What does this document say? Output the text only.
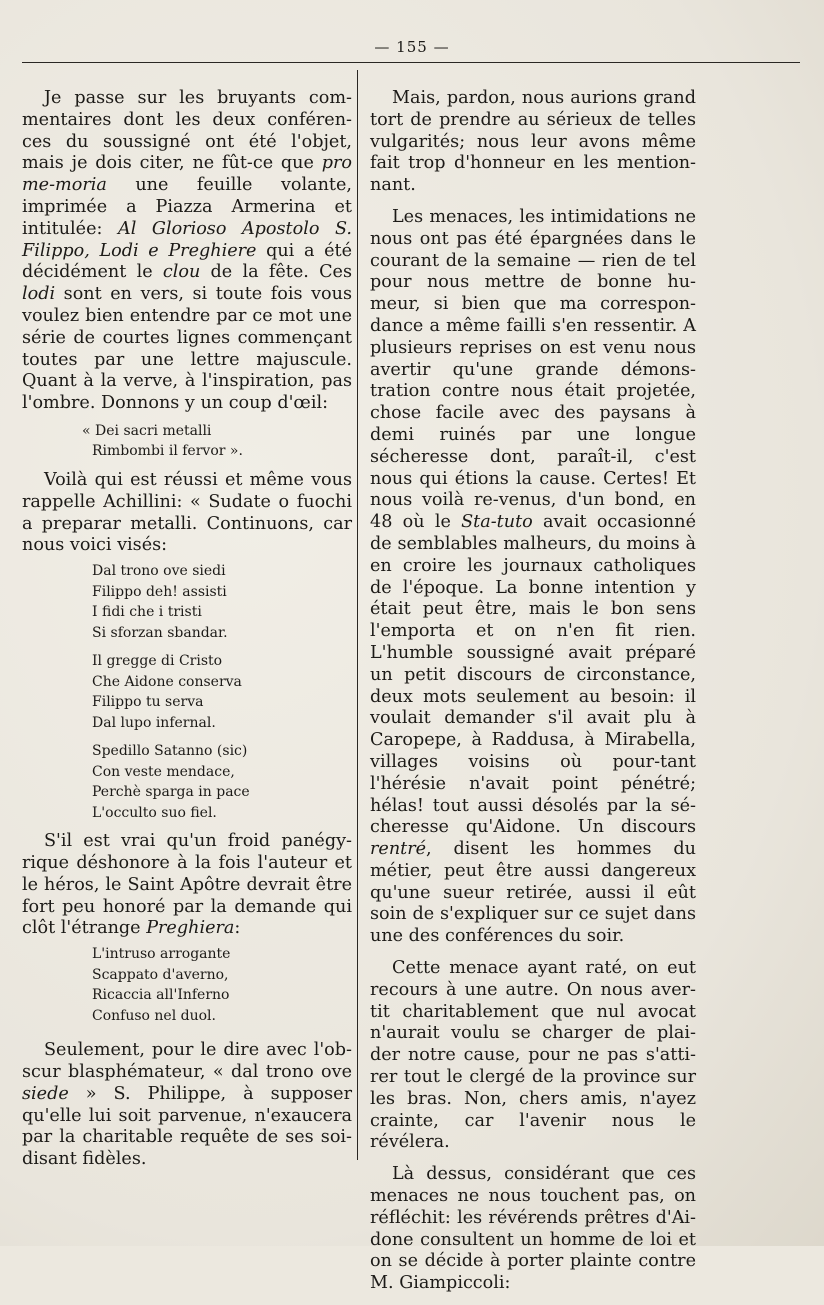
— 155 —

Je passe sur les bruyants com-mentaires dont les deux conféren-ces du soussigné ont été l'objet, mais je dois citer, ne fût-ce que pro me-moria une feuille volante, imprimée a Piazza Armerina et intitulée: Al Glorioso Apostolo S. Filippo, Lodi e Preghiere qui a été décidément le clou de la fête. Ces lodi sont en vers, si toute fois vous voulez bien entendre par ce mot une série de courtes lignes commençant toutes par une lettre majuscule. Quant à la verve, à l'inspiration, pas l'ombre. Donnons y un coup d'œil:

« Dei sacri metalli
Rimbombi il fervor ».

Voilà qui est réussi et même vous rappelle Achillini: « Sudate o fuochi a preparar metalli. Continuons, car nous voici visés:

Dal trono ove siedi
Filippo deh! assisti
I fidi che i tristi
Si sforzan sbandar.
Il gregge di Cristo
Che Aidone conserva
Filippo tu serva
Dal lupo infernal.
Spedillo Satanno (sic)
Con veste mendace,
Perchè sparga in pace
L'occulto suo fiel.

S'il est vrai qu'un froid panégy-rique déshonore à la fois l'auteur et le héros, le Saint Apôtre devrait être fort peu honoré par la demande qui clôt l'étrange Preghiera:

L'intruso arrogante
Scappato d'averno,
Ricaccia all'Inferno
Confuso nel duol.

Seulement, pour le dire avec l'ob-scur blasphémateur, « dal trono ove siede » S. Philippe, à supposer qu'elle lui soit parvenue, n'exaucera par la charitable requête de ses soi-disant fidèles.

Mais, pardon, nous aurions grand tort de prendre au sérieux de telles vulgarités; nous leur avons même fait trop d'honneur en les mention-nant.

Les menaces, les intimidations ne nous ont pas été épargnées dans le courant de la semaine — rien de tel pour nous mettre de bonne hu-meur, si bien que ma correspon-dance a même failli s'en ressentir. A plusieurs reprises on est venu nous avertir qu'une grande démons-tration contre nous était projetée, chose facile avec des paysans à demi ruinés par une longue sécheresse dont, paraît-il, c'est nous qui étions la cause. Certes! Et nous voilà re-venus, d'un bond, en 48 où le Sta-tuto avait occasionné de semblables malheurs, du moins à en croire les journaux catholiques de l'époque. La bonne intention y était peut être, mais le bon sens l'emporta et on n'en fit rien. L'humble soussigné avait préparé un petit discours de circonstance, deux mots seulement au besoin: il voulait demander s'il avait plu à Caropepe, à Raddusa, à Mirabella, villages voisins où pour-tant l'hérésie n'avait point pénétré; hélas! tout aussi désolés par la sé-cheresse qu'Aidone. Un discours rentré, disent les hommes du métier, peut être aussi dangereux qu'une sueur retirée, aussi il eût soin de s'expliquer sur ce sujet dans une des conférences du soir.

Cette menace ayant raté, on eut recours à une autre. On nous aver-tit charitablement que nul avocat n'aurait voulu se charger de plai-der notre cause, pour ne pas s'atti-rer tout le clergé de la province sur les bras. Non, chers amis, n'ayez crainte, car l'avenir nous le révélera.

Là dessus, considérant que ces menaces ne nous touchent pas, on réfléchit: les révérends prêtres d'Ai-done consultent un homme de loi et on se décide à porter plainte contre M. Giampiccoli:
